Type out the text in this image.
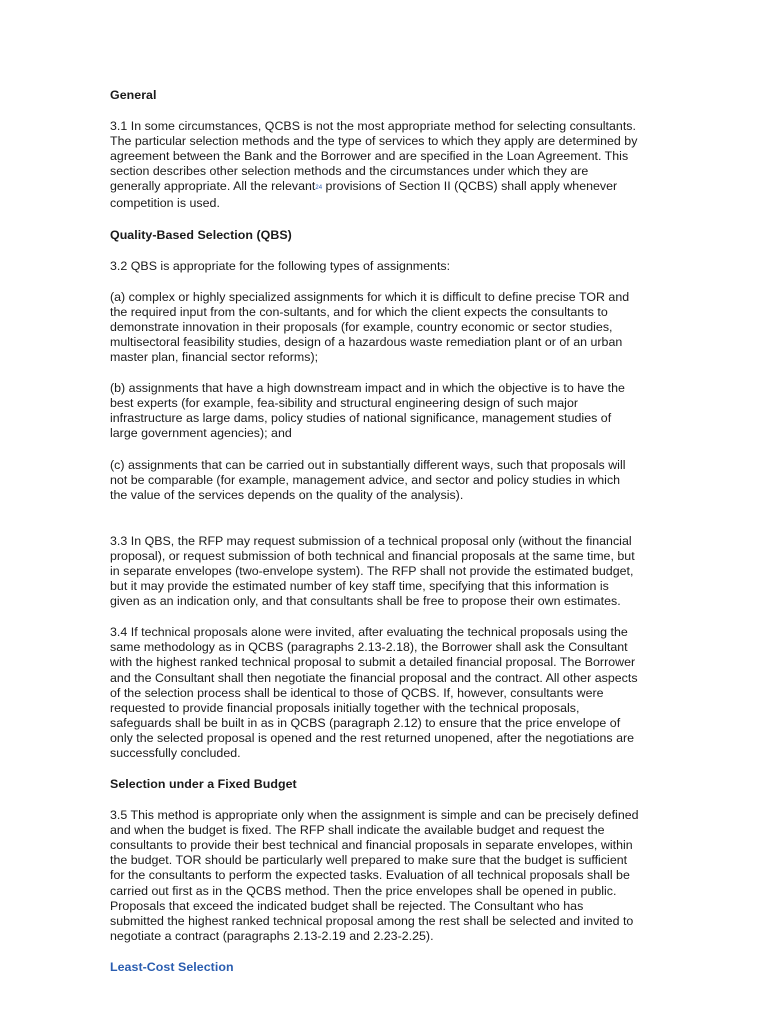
General

3.1 In some circumstances, QCBS is not the most appropriate method for selecting consultants.
The particular selection methods and the type of services to which they apply are determined by
agreement between the Bank and the Borrower and are specified in the Loan Agreement. This
section describes other selection methods and the circumstances under which they are
generally appropriate. All the relevant24 provisions of Section II (QCBS) shall apply whenever
competition is used.

Quality-Based Selection (QBS)

3.2 QBS is appropriate for the following types of assignments:

(a) complex or highly specialized assignments for which it is difficult to define precise TOR and
the required input from the con-sultants, and for which the client expects the consultants to
demonstrate innovation in their proposals (for example, country economic or sector studies,
multisectoral feasibility studies, design of a hazardous waste remediation plant or of an urban
master plan, financial sector reforms);

(b) assignments that have a high downstream impact and in which the objective is to have the
best experts (for example, fea-sibility and structural engineering design of such major
infrastructure as large dams, policy studies of national significance, management studies of
large government agencies); and

(c) assignments that can be carried out in substantially different ways, such that proposals will
not be comparable (for example, management advice, and sector and policy studies in which
the value of the services depends on the quality of the analysis).

3.3 In QBS, the RFP may request submission of a technical proposal only (without the financial
proposal), or request submission of both technical and financial proposals at the same time, but
in separate envelopes (two-envelope system). The RFP shall not provide the estimated budget,
but it may provide the estimated number of key staff time, specifying that this information is
given as an indication only, and that consultants shall be free to propose their own estimates.

3.4 If technical proposals alone were invited, after evaluating the technical proposals using the
same methodology as in QCBS (paragraphs 2.13-2.18), the Borrower shall ask the Consultant
with the highest ranked technical proposal to submit a detailed financial proposal. The Borrower
and the Consultant shall then negotiate the financial proposal and the contract. All other aspects
of the selection process shall be identical to those of QCBS. If, however, consultants were
requested to provide financial proposals initially together with the technical proposals,
safeguards shall be built in as in QCBS (paragraph 2.12) to ensure that the price envelope of
only the selected proposal is opened and the rest returned unopened, after the negotiations are
successfully concluded.

Selection under a Fixed Budget

3.5 This method is appropriate only when the assignment is simple and can be precisely defined
and when the budget is fixed. The RFP shall indicate the available budget and request the
consultants to provide their best technical and financial proposals in separate envelopes, within
the budget. TOR should be particularly well prepared to make sure that the budget is sufficient
for the consultants to perform the expected tasks. Evaluation of all technical proposals shall be
carried out first as in the QCBS method. Then the price envelopes shall be opened in public.
Proposals that exceed the indicated budget shall be rejected. The Consultant who has
submitted the highest ranked technical proposal among the rest shall be selected and invited to
negotiate a contract (paragraphs 2.13-2.19 and 2.23-2.25).

Least-Cost Selection
